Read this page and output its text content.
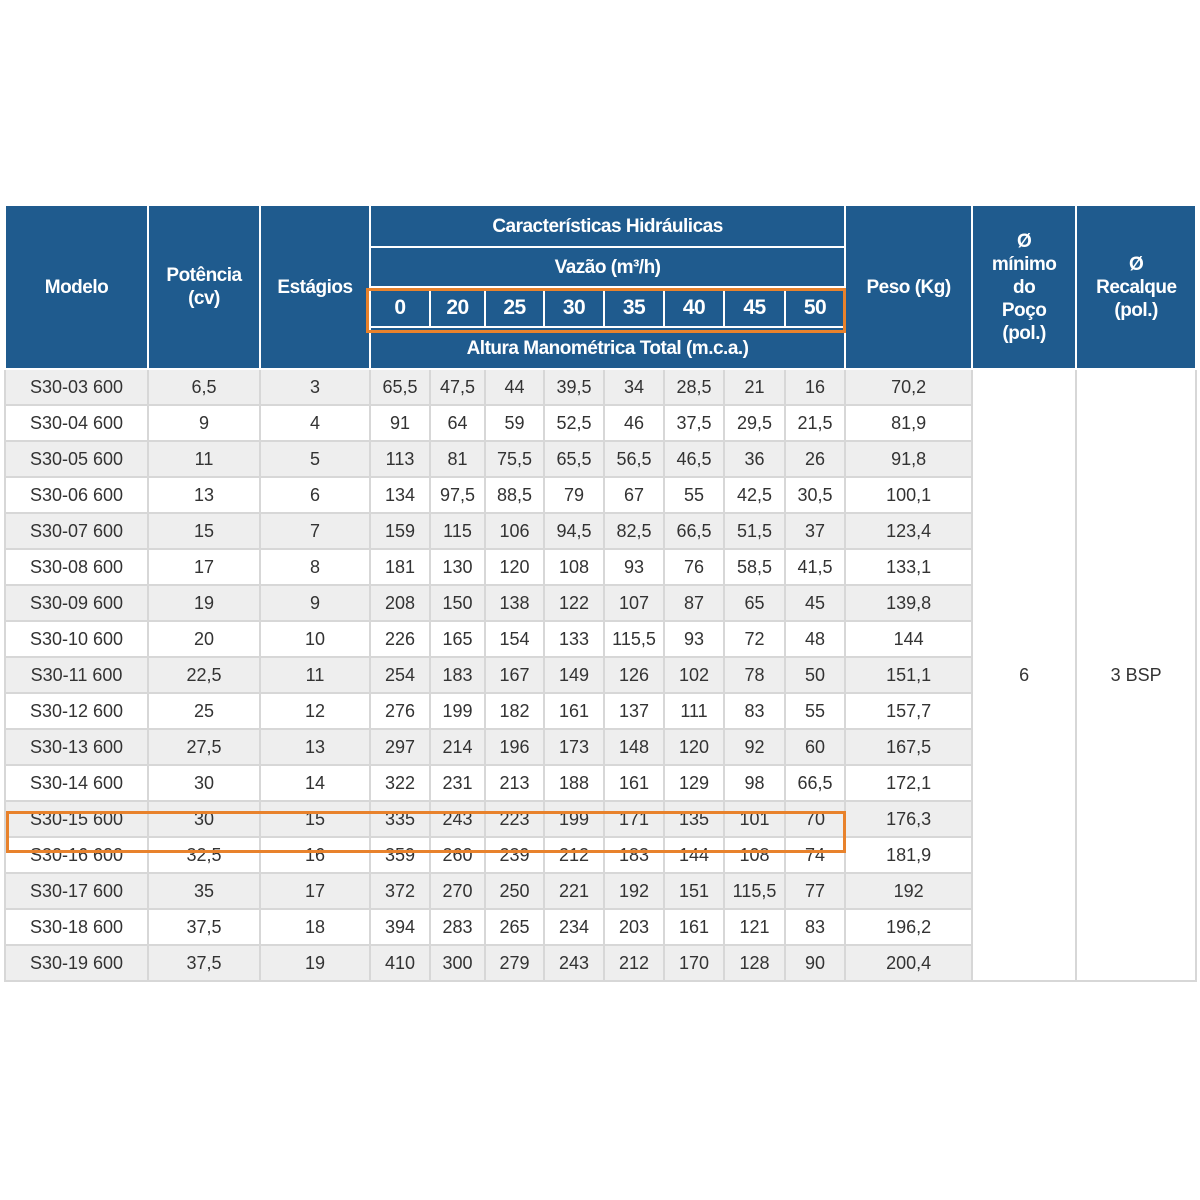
Modelo	Potência (cv)	Estágios	Características Hidráulicas								Peso (Kg)	Ø mínimo do Poço (pol.)	Ø Recalque (pol.)
			Vazão (m³/h)										
			0	20	25	30	35	40	45	50			
			Altura Manométrica Total (m.c.a.)										
S30-03 600	6,5	3	65,5	47,5	44	39,5	34	28,5	21	16	70,2	6	3 BSP
S30-04 600	9	4	91	64	59	52,5	46	37,5	29,5	21,5	81,9		
S30-05 600	11	5	113	81	75,5	65,5	56,5	46,5	36	26	91,8		
S30-06 600	13	6	134	97,5	88,5	79	67	55	42,5	30,5	100,1		
S30-07 600	15	7	159	115	106	94,5	82,5	66,5	51,5	37	123,4		
S30-08 600	17	8	181	130	120	108	93	76	58,5	41,5	133,1		
S30-09 600	19	9	208	150	138	122	107	87	65	45	139,8		
S30-10 600	20	10	226	165	154	133	115,5	93	72	48	144		
S30-11 600	22,5	11	254	183	167	149	126	102	78	50	151,1		
S30-12 600	25	12	276	199	182	161	137	111	83	55	157,7		
S30-13 600	27,5	13	297	214	196	173	148	120	92	60	167,5		
S30-14 600	30	14	322	231	213	188	161	129	98	66,5	172,1		
S30-15 600	30	15	335	243	223	199	171	135	101	70	176,3		
S30-16 600	32,5	16	359	260	239	212	183	144	108	74	181,9		
S30-17 600	35	17	372	270	250	221	192	151	115,5	77	192		
S30-18 600	37,5	18	394	283	265	234	203	161	121	83	196,2		
S30-19 600	37,5	19	410	300	279	243	212	170	128	90	200,4		
